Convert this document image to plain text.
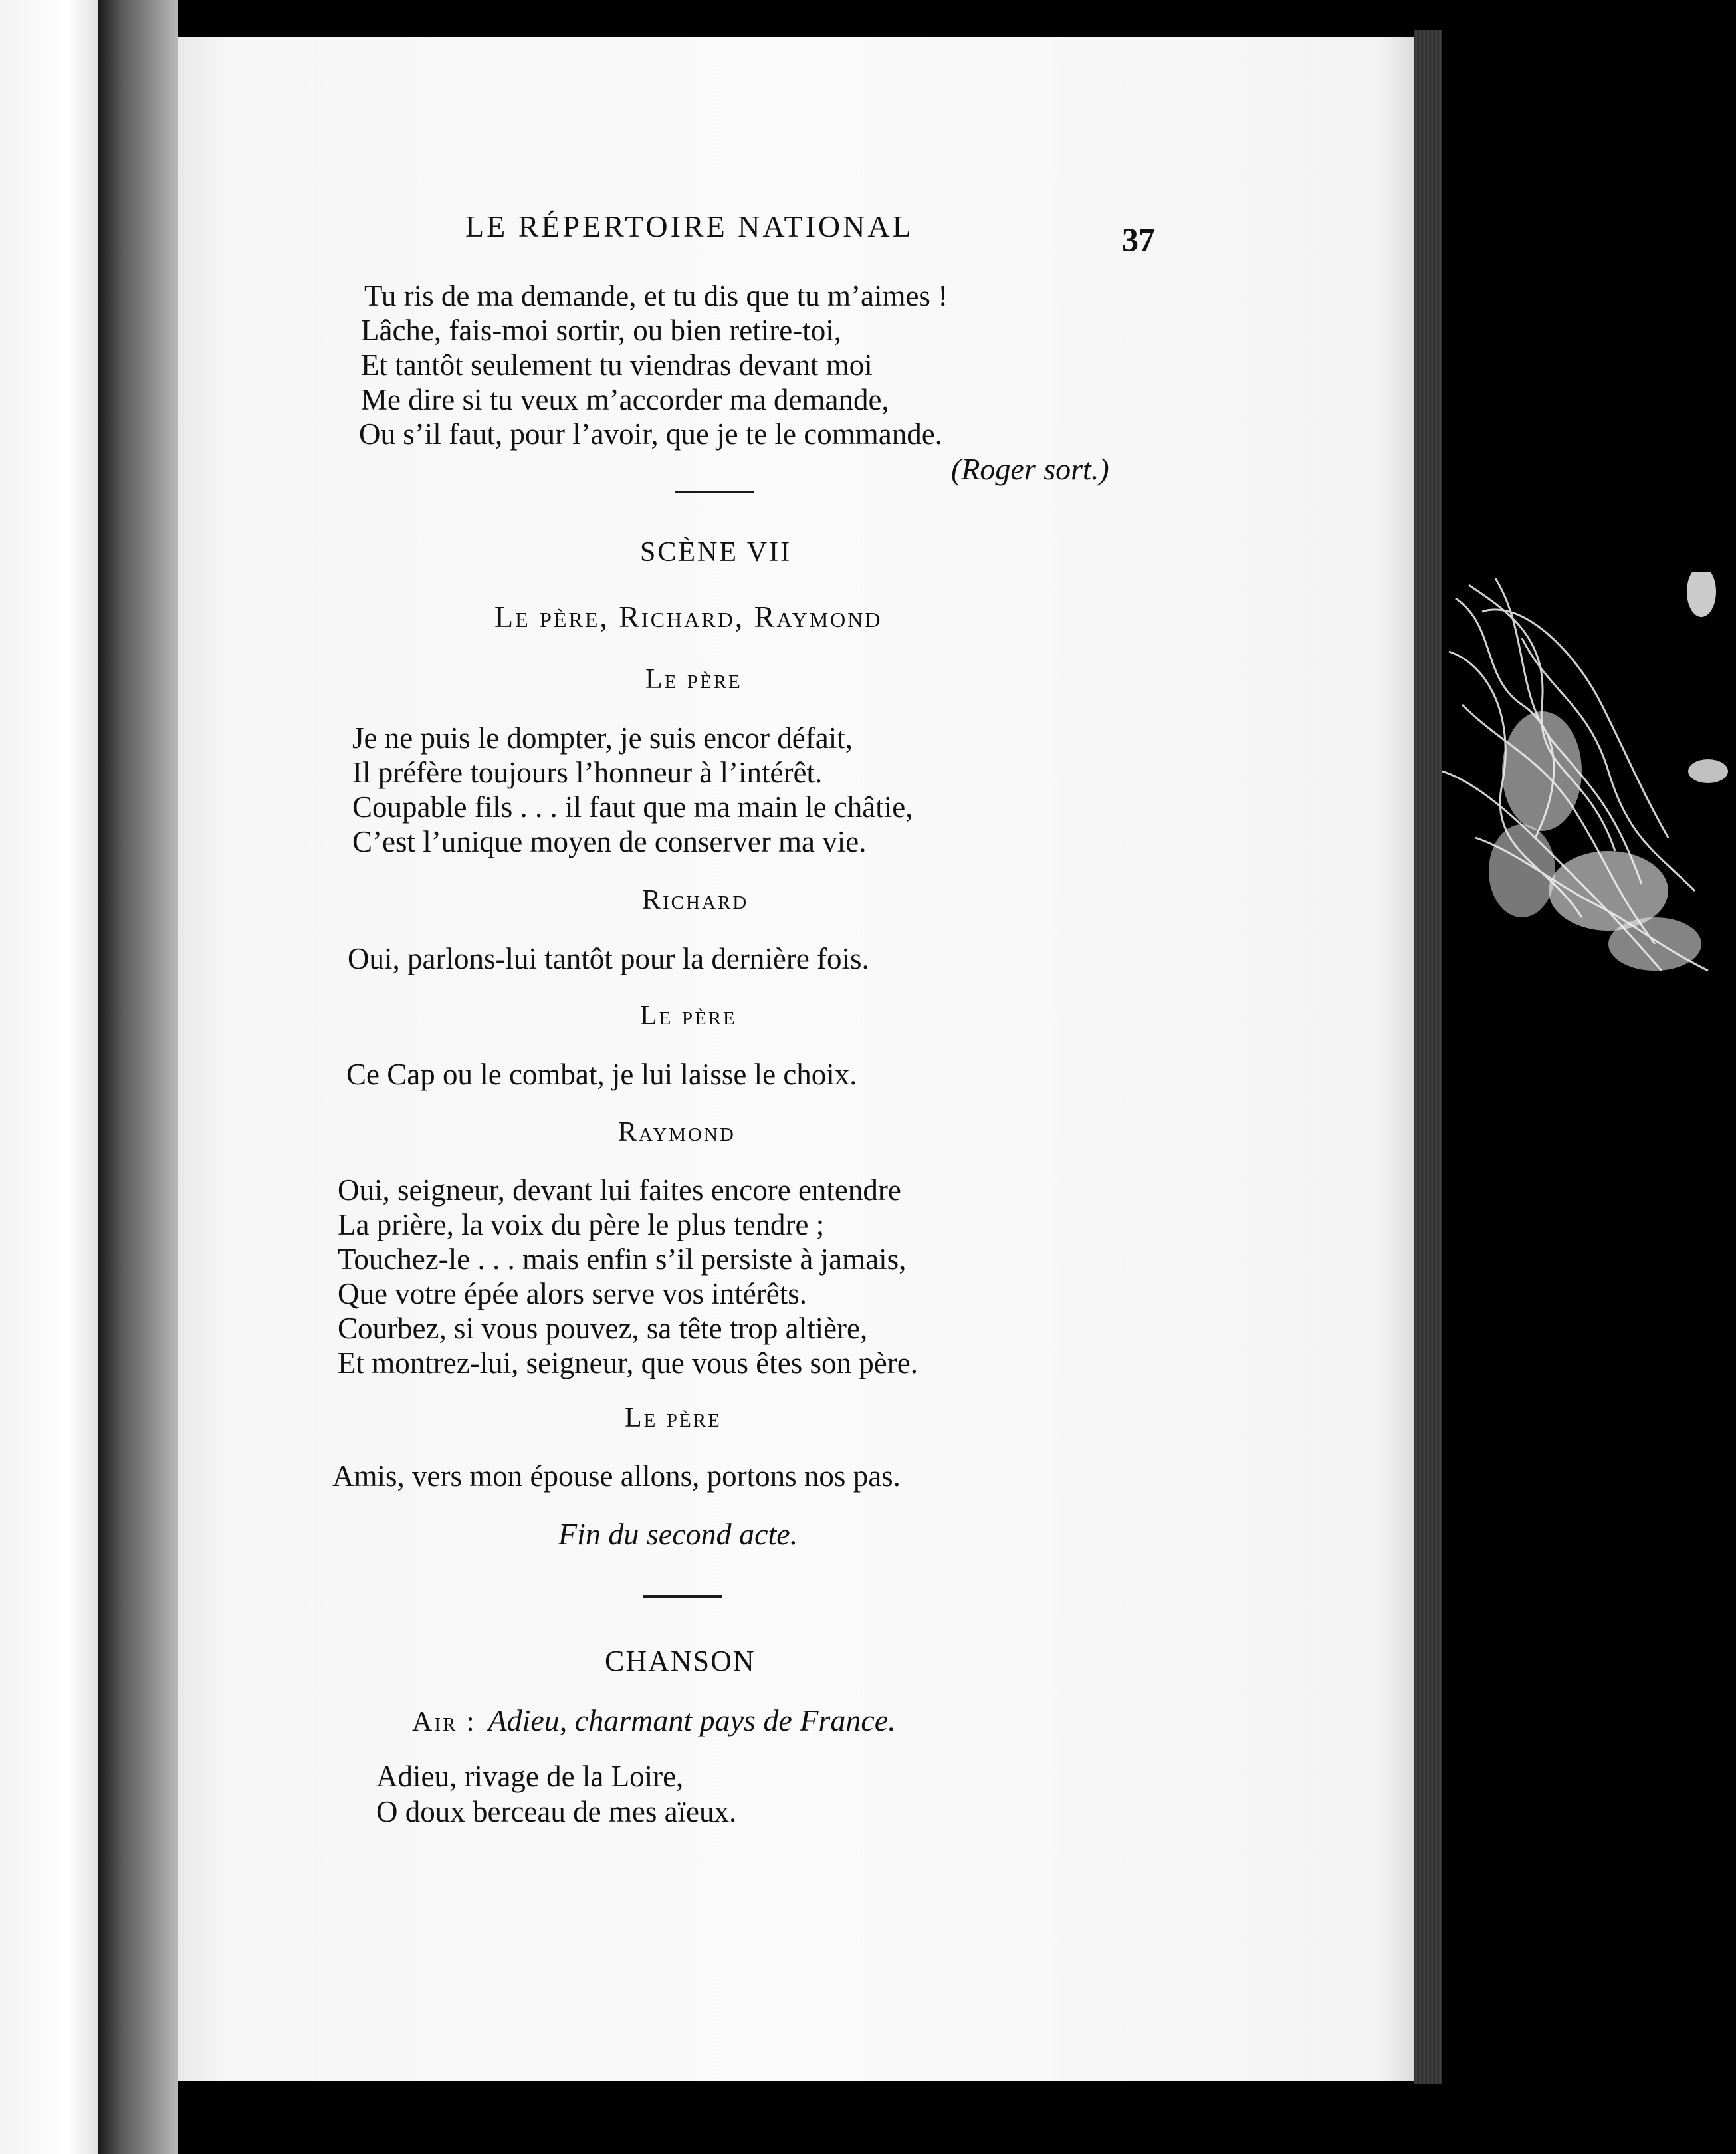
LE RÉPERTOIRE NATIONAL	37
Tu ris de ma demande, et tu dis que tu m’aimes !
Lâche, fais-moi sortir, ou bien retire-toi,
Et tantôt seulement tu viendras devant moi
Me dire si tu veux m’accorder ma demande,
Ou s’il faut, pour l’avoir, que je te le commande.
(Roger sort.)
SCÈNE VII
Le père, Richard, Raymond
Le père
Je ne puis le dompter, je suis encor défait,
Il préfère toujours l’honneur à l’intérêt.
Coupable fils . . . il faut que ma main le châtie,
C’est l’unique moyen de conserver ma vie.
Richard
Oui, parlons-lui tantôt pour la dernière fois.
Le père
Ce Cap ou le combat, je lui laisse le choix.
Raymond
Oui, seigneur, devant lui faites encore entendre
La prière, la voix du père le plus tendre ;
Touchez-le . . . mais enfin s’il persiste à jamais,
Que votre épée alors serve vos intérêts.
Courbez, si vous pouvez, sa tête trop altière,
Et montrez-lui, seigneur, que vous êtes son père.
Le père
Amis, vers mon épouse allons, portons nos pas.
Fin du second acte.
CHANSON
Air : Adieu, charmant pays de France.
Adieu, rivage de la Loire,
O doux berceau de mes aïeux.
